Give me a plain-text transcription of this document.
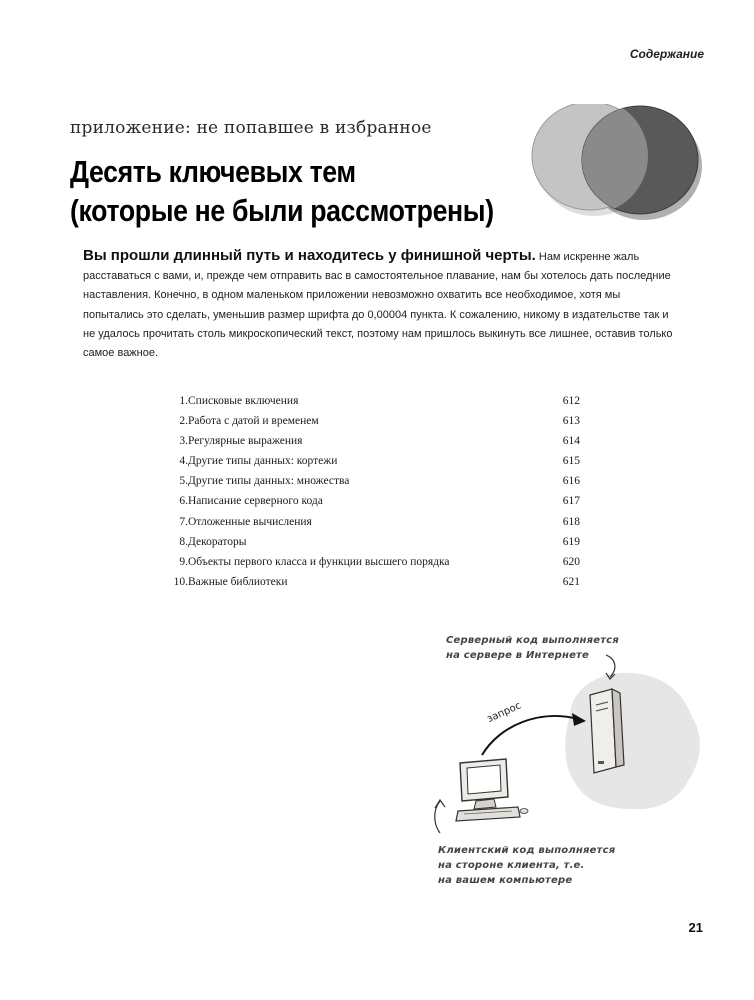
Содержание
приложение: не попавшее в избранное
Десять ключевых тем
(которые не были рассмотрены)
Вы прошли длинный путь и находитесь у финишной черты. Нам искренне жаль расставаться с вами, и, прежде чем отправить вас в самостоятельное плавание, нам бы хотелось дать последние наставления. Конечно, в одном маленьком приложении невозможно охватить все необходимое, хотя мы попытались это сделать, уменьшив размер шрифта до 0,00004 пункта. К сожалению, никому в издательстве так и не удалось прочитать столь микроскопический текст, поэтому нам пришлось выкинуть все лишнее, оставив только самое важное.
1. Списковые включения	612
2. Работа с датой и временем	613
3. Регулярные выражения	614
4. Другие типы данных: кортежи	615
5. Другие типы данных: множества	616
6. Написание серверного кода	617
7. Отложенные вычисления	618
8. Декораторы	619
9. Объекты первого класса и функции высшего порядка	620
10. Важные библиотеки	621
Серверный код выполняется
на сервере в Интернете
запрос
Клиентский код выполняется
на стороне клиента, т.е.
на вашем компьютере
21
